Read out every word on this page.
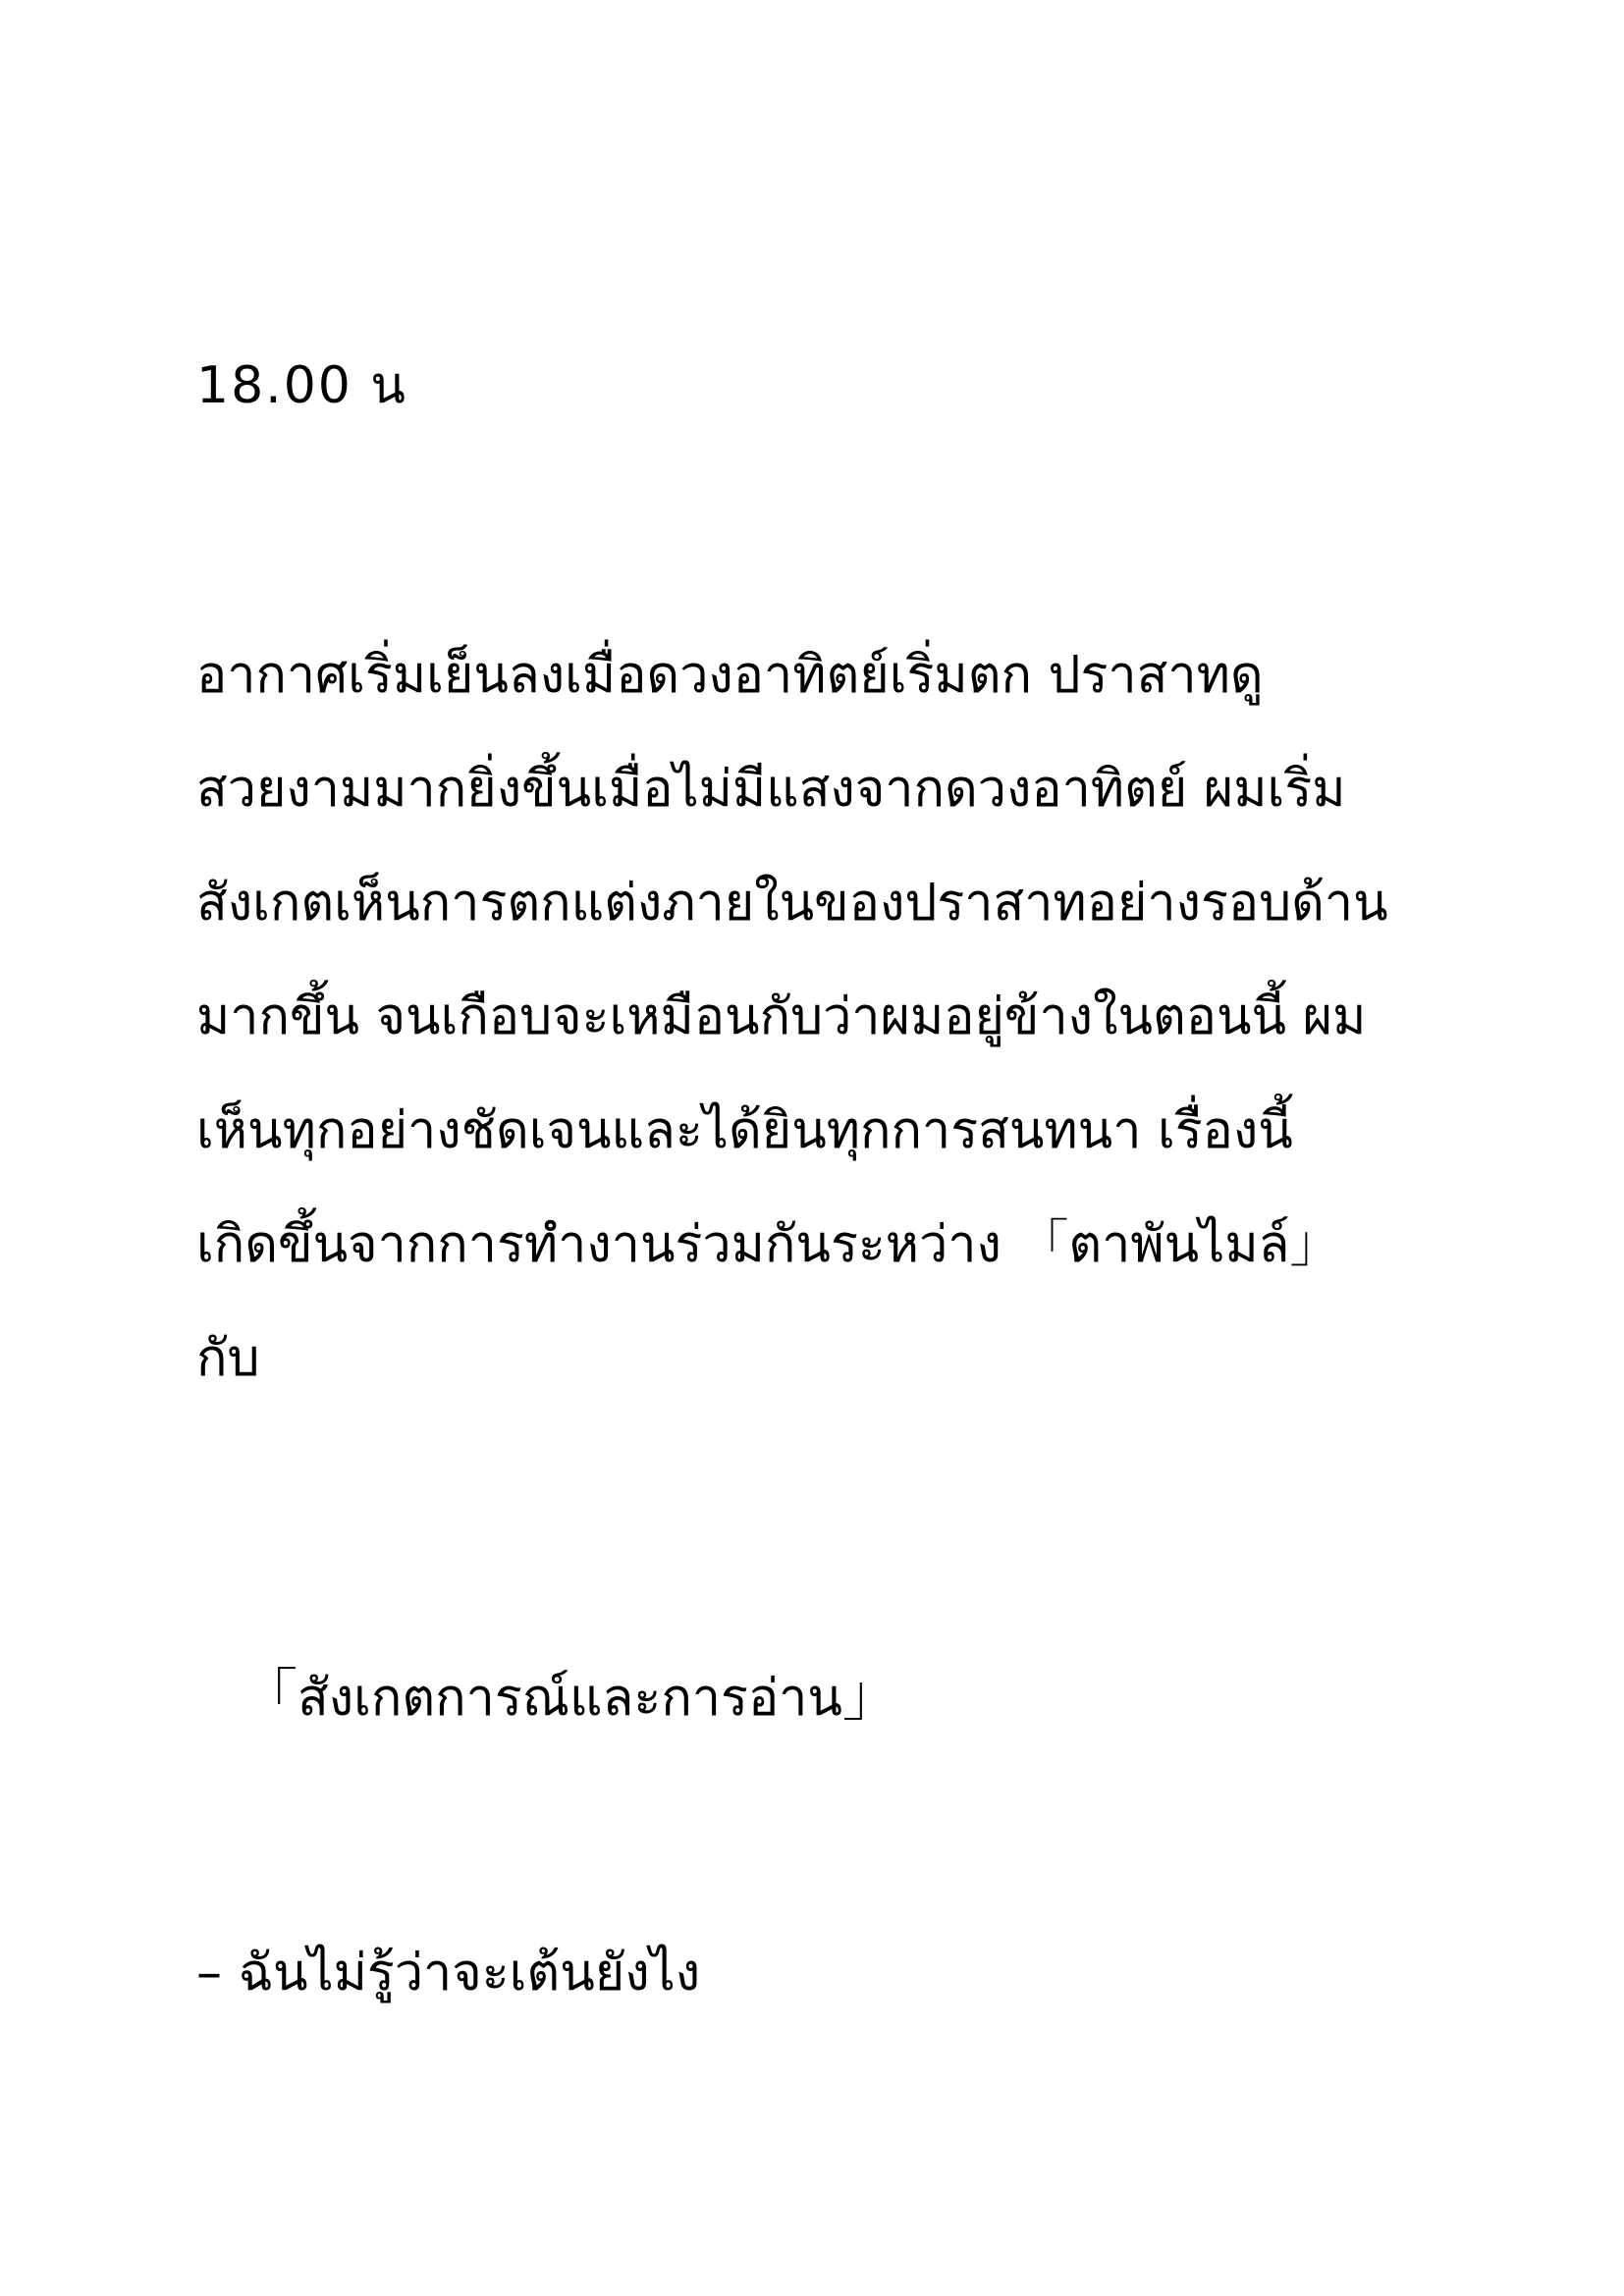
18.00 น
อากาศเริ่มเย็นลงเมื่อดวงอาทิตย์เริ่มตก ปราสาทดู
สวยงามมากยิ่งขึ้นเมื่อไม่มีแสงจากดวงอาทิตย์ ผมเริ่ม
สังเกตเห็นการตกแต่งภายในของปราสาทอย่างรอบด้าน
มากขึ้น จนเกือบจะเหมือนกับว่าผมอยู่ข้างในตอนนี้ ผม
เห็นทุกอย่างชัดเจนและได้ยินทุกการสนทนา เรื่องนี้
เกิดขึ้นจากการทำงานร่วมกันระหว่าง 「ตาพันไมล์」
กับ
「สังเกตการณ์และการอ่าน」
– ฉันไม่รู้ว่าจะเต้นยังไง
